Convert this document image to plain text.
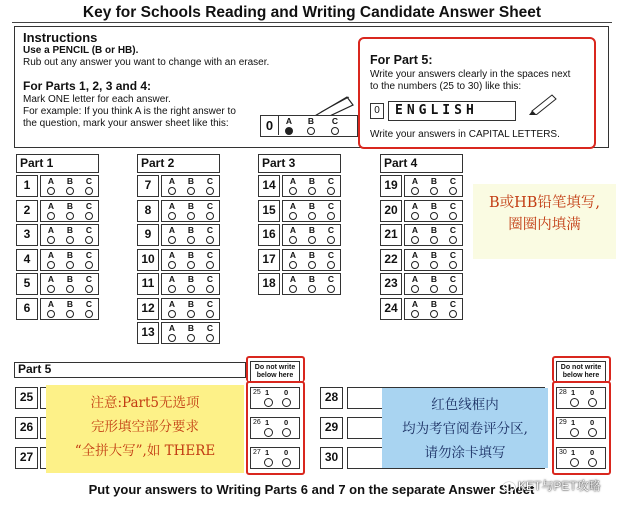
Key for Schools Reading and Writing Candidate Answer Sheet
Instructions
Use a PENCIL (B or HB).
Rub out any answer you want to change with an eraser.
For Parts 1, 2, 3 and 4:
Mark ONE letter for each answer.
For example: If you think A is the right answer to
the question, mark your answer sheet like this:	0	A	B	C
For Part 5:
Write your answers clearly in the spaces next
to the numbers (25 to 30) like this:
0	ENGLISH
Write your answers in CAPITAL LETTERS.
Part 1
1	A	B	C
2	A	B	C
3	A	B	C
4	A	B	C
5	A	B	C
6	A	B	C
Part 2
7	A	B	C
8	A	B	C
9	A	B	C
10	A	B	C
11	A	B	C
12	A	B	C
13	A	B	C
Part 3
14	A	B	C
15	A	B	C
16	A	B	C
17	A	B	C
18	A	B	C
Part 4
19	A	B	C
20	A	B	C
21	A	B	C
22	A	B	C
23	A	B	C
24	A	B	C
B或HB铅笔填写,
圈圈内填满
Part 5	Do not write below here
Do not write below here
25	25 1 0
26	26 1 0
27	27 1 0
28	28 1 0
29	29 1 0
30	30 1 0
注意:Part5无选项
完形填空部分要求
“全拼大写”,如 THERE
红色线框内
均为考官阅卷评分区,
请勿涂卡填写
Put your answers to Writing Parts 6 and 7 on the separate Answer Sheet
KET与PET攻略
